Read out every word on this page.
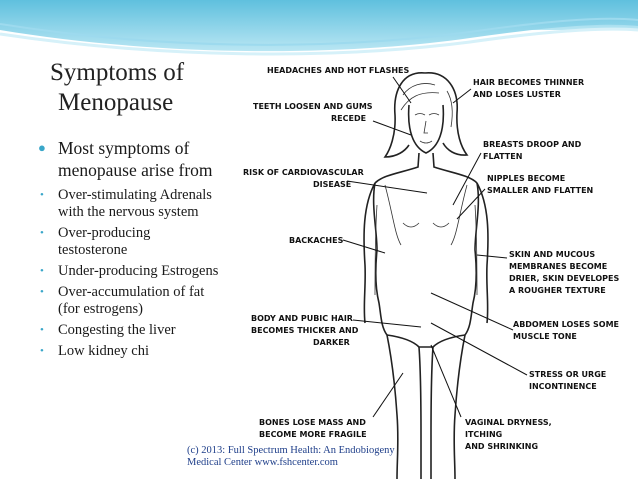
Symptoms of
Menopause
● Most symptoms of menopause arise from
• Over-stimulating Adrenals with the nervous system
• Over-producing testosterone
• Under-producing Estrogens
• Over-accumulation of fat (for estrogens)
• Congesting the liver
• Low kidney chi
(c) 2013: Full Spectrum Health: An Endobiogeny
Medical Center www.fshcenter.com
HEADACHES AND HOT FLASHES
HAIR BECOMES THINNER
AND LOSES LUSTER
TEETH LOOSEN AND GUMS
RECEDE
BREASTS DROOP AND
FLATTEN
RISK OF CARDIOVASCULAR
DISEASE
NIPPLES BECOME
SMALLER AND FLATTEN
BACKACHES
SKIN AND MUCOUS
MEMBRANES BECOME
DRIER, SKIN DEVELOPES
A ROUGHER TEXTURE
BODY AND PUBIC HAIR
BECOMES THICKER AND
DARKER
ABDOMEN LOSES SOME
MUSCLE TONE
STRESS OR URGE
INCONTINENCE
BONES LOSE MASS AND
BECOME MORE FRAGILE
VAGINAL DRYNESS,
ITCHING
AND SHRINKING
